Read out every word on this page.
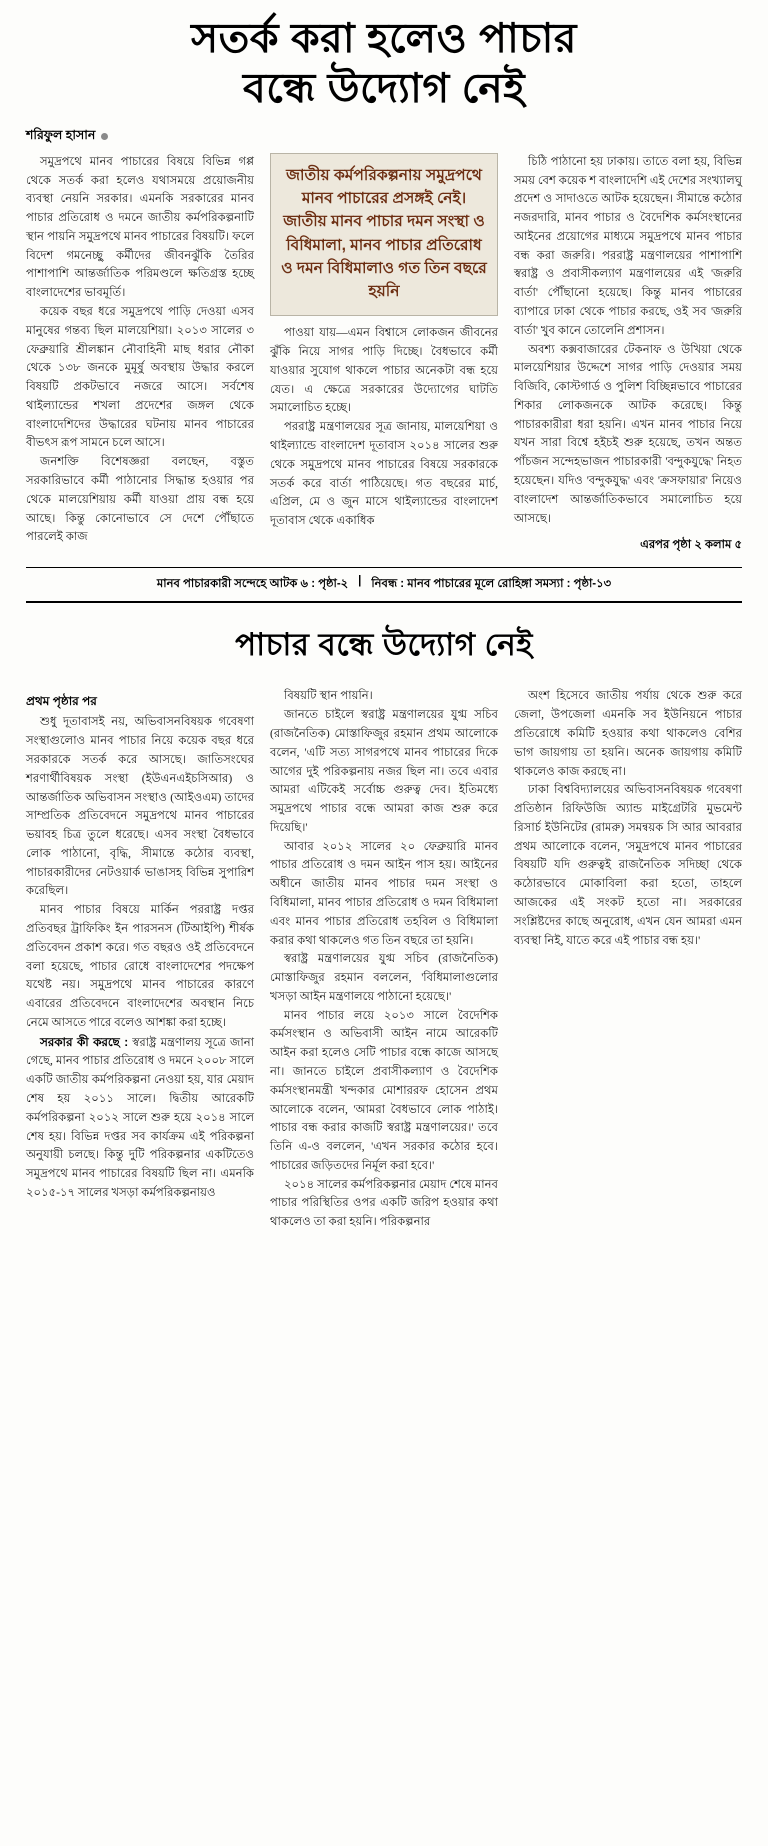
সতর্ক করা হলেও পাচার
বন্ধে উদ্যোগ নেই
শরিফুল হাসান

সমুদ্রপথে মানব পাচারের বিষয়ে বিভিন্ন গপ্প থেকে সতর্ক করা হলেও যথাসময়ে প্রয়োজনীয় ব্যবস্থা নেয়নি সরকার। এমনকি সরকারের মানব পাচার প্রতিরোধ ও দমনে জাতীয় কর্মপরিকল্পনাটি স্থান পায়নি সমুদ্রপথে মানব পাচারের বিষয়টি। ফলে বিদেশ গমনেচ্ছু কর্মীদের জীবনঝুঁকি তৈরির পাশাপাশি আন্তর্জাতিক পরিমণ্ডলে ক্ষতিগ্রস্ত হচ্ছে বাংলাদেশের ভাবমূর্তি।

কয়েক বছর ধরে সমুদ্রপথে পাড়ি দেওয়া এসব মানুষের গন্তব্য ছিল মালয়েশিয়া। ২০১৩ সালের ৩ ফেব্রুয়ারি শ্রীলঙ্কান নৌবাহিনী মাছ ধরার নৌকা থেকে ১৩৮ জনকে মুমূর্ষু অবস্থায় উদ্ধার করলে বিষয়টি প্রকটভাবে নজরে আসে। সর্বশেষ থাইল্যান্ডের শখলা প্রদেশের জঙ্গল থেকে বাংলাদেশিদের উদ্ধারের ঘটনায় মানব পাচারের বীভৎস রূপ সামনে চলে আসে।

জনশক্তি বিশেষজ্ঞরা বলছেন, বস্তুত সরকারিভাবে কর্মী পাঠানোর সিদ্ধান্ত হওয়ার পর থেকে মালয়েশিয়ায় কর্মী যাওয়া প্রায় বন্ধ হয়ে আছে। কিন্তু কোনোভাবে সে দেশে পৌঁছাতে পারলেই কাজ

জাতীয় কর্মপরিকল্পনায় সমুদ্রপথে মানব পাচারের প্রসঙ্গই নেই। জাতীয় মানব পাচার দমন সংস্থা ও বিধিমালা, মানব পাচার প্রতিরোধ ও দমন বিধিমালাও গত তিন বছরে হয়নি

পাওয়া যায়—এমন বিশ্বাসে লোকজন জীবনের ঝুঁকি নিয়ে সাগর পাড়ি দিচ্ছে। বৈধভাবে কর্মী যাওয়ার সুযোগ থাকলে পাচার অনেকটা বন্ধ হয়ে যেত। এ ক্ষেত্রে সরকারের উদ্যোগের ঘাটতি সমালোচিত হচ্ছে।

পররাষ্ট্র মন্ত্রণালয়ের সূত্র জানায়, মালয়েশিয়া ও থাইল্যান্ডে বাংলাদেশ দূতাবাস ২০১৪ সালের শুরু থেকে সমুদ্রপথে মানব পাচারের বিষয়ে সরকারকে সতর্ক করে বার্তা পাঠিয়েছে। গত বছরের মার্চ, এপ্রিল, মে ও জুন মাসে থাইল্যান্ডের বাংলাদেশ দূতাবাস থেকে একাধিক

চিঠি পাঠানো হয় ঢাকায়। তাতে বলা হয়, বিভিন্ন সময় বেশ কয়েক শ বাংলাদেশি এই দেশের সংখ্যালঘু প্রদেশ ও সাদাওতে আটক হয়েছেন। সীমান্তে কঠোর নজরদারি, মানব পাচার ও বৈদেশিক কর্মসংস্থানের আইনের প্রয়োগের মাধ্যমে সমুদ্রপথে মানব পাচার বন্ধ করা জরুরি। পররাষ্ট্র মন্ত্রণালয়ের পাশাপাশি স্বরাষ্ট্র ও প্রবাসীকল্যাণ মন্ত্রণালয়ের এই 'জরুরি বার্তা' পৌঁছানো হয়েছে। কিন্তু মানব পাচারের ব্যাপারে ঢাকা থেকে পাচার করছে, ওই সব 'জরুরি বার্তা' খুব কানে তোলেনি প্রশাসন।

অবশ্য কক্সবাজারের টেকনাফ ও উখিয়া থেকে মালয়েশিয়ার উদ্দেশে সাগর পাড়ি দেওয়ার সময় বিজিবি, কোস্টগার্ড ও পুলিশ বিচ্ছিন্নভাবে পাচারের শিকার লোকজনকে আটক করেছে। কিন্তু পাচারকারীরা ধরা হয়নি। এখন মানব পাচার নিয়ে যখন সারা বিশ্বে হইচই শুরু হয়েছে, তখন অন্তত পাঁচজন সন্দেহভাজন পাচারকারী 'বন্দুকযুদ্ধে' নিহত হয়েছেন। যদিও 'বন্দুকযুদ্ধ' এবং 'ক্রসফায়ার' নিয়েও বাংলাদেশ আন্তর্জাতিকভাবে সমালোচিত হয়ে আসছে।

এরপর পৃষ্ঠা ২ কলাম ৫
মানব পাচারকারী সন্দেহে আটক ৬ : পৃষ্ঠা-২ | নিবন্ধ : মানব পাচারের মূলে রোহিঙ্গা সমস্যা : পৃষ্ঠা-১৩
পাচার বন্ধে উদ্যোগ নেই
প্রথম পৃষ্ঠার পর

শুধু দূতাবাসই নয়, অভিবাসনবিষয়ক গবেষণা সংস্থাগুলোও মানব পাচার নিয়ে কয়েক বছর ধরে সরকারকে সতর্ক করে আসছে। জাতিসংঘের শরণার্থীবিষয়ক সংস্থা (ইউএনএইচসিআর) ও আন্তর্জাতিক অভিবাসন সংস্থাও (আইওএম) তাদের সাম্প্রতিক প্রতিবেদনে সমুদ্রপথে মানব পাচারের ভয়াবহ চিত্র তুলে ধরেছে। এসব সংস্থা বৈধভাবে লোক পাঠানো, বৃদ্ধি, সীমান্তে কঠোর ব্যবস্থা, পাচারকারীদের নেটওয়ার্ক ভাঙাসহ বিভিন্ন সুপারিশ করেছিল।

মানব পাচার বিষয়ে মার্কিন পররাষ্ট্র দপ্তর প্রতিবছর ট্রাফিকিং ইন পারসনস (টিআইপি) শীর্ষক প্রতিবেদন প্রকাশ করে। গত বছরও ওই প্রতিবেদনে বলা হয়েছে, পাচার রোধে বাংলাদেশের পদক্ষেপ যথেষ্ট নয়। সমুদ্রপথে মানব পাচারের কারণে এবারের প্রতিবেদনে বাংলাদেশের অবস্থান নিচে নেমে আসতে পারে বলেও আশঙ্কা করা হচ্ছে।

সরকার কী করছে : স্বরাষ্ট্র মন্ত্রণালয় সূত্রে জানা গেছে, মানব পাচার প্রতিরোধ ও দমনে ২০০৮ সালে একটি জাতীয় কর্মপরিকল্পনা নেওয়া হয়, যার মেয়াদ শেষ হয় ২০১১ সালে। দ্বিতীয় আরেকটি কর্মপরিকল্পনা ২০১২ সালে শুরু হয়ে ২০১৪ সালে শেষ হয়। বিভিন্ন দপ্তর সব কার্যক্রম এই পরিকল্পনা অনুযায়ী চলছে। কিন্তু দুটি পরিকল্পনার একটিতেও সমুদ্রপথে মানব পাচারের বিষয়টি ছিল না। এমনকি ২০১৫-১৭ সালের খসড়া কর্মপরিকল্পনায়ও

বিষয়টি স্থান পায়নি।

জানতে চাইলে স্বরাষ্ট্র মন্ত্রণালয়ের যুগ্ম সচিব (রাজনৈতিক) মোস্তাফিজুর রহমান প্রথম আলোকে বলেন, 'এটি সত্য সাগরপথে মানব পাচারের দিকে আগের দুই পরিকল্পনায় নজর ছিল না। তবে এবার আমরা এটিকেই সর্বোচ্চ গুরুত্ব দেব। ইতিমধ্যে সমুদ্রপথে পাচার বন্ধে আমরা কাজ শুরু করে দিয়েছি।'

আবার ২০১২ সালের ২০ ফেব্রুয়ারি মানব পাচার প্রতিরোধ ও দমন আইন পাস হয়। আইনের অধীনে জাতীয় মানব পাচার দমন সংস্থা ও বিধিমালা, মানব পাচার প্রতিরোধ ও দমন বিধিমালা এবং মানব পাচার প্রতিরোধ তহবিল ও বিধিমালা করার কথা থাকলেও গত তিন বছরে তা হয়নি।

স্বরাষ্ট্র মন্ত্রণালয়ের যুগ্ম সচিব (রাজনৈতিক) মোস্তাফিজুর রহমান বললেন, 'বিধিমালাগুলোর খসড়া আইন মন্ত্রণালয়ে পাঠানো হয়েছে।'

মানব পাচার লয়ে ২০১৩ সালে বৈদেশিক কর্মসংস্থান ও অভিবাসী আইন নামে আরেকটি আইন করা হলেও সেটি পাচার বন্ধে কাজে আসছে না। জানতে চাইলে প্রবাসীকল্যাণ ও বৈদেশিক কর্মসংস্থানমন্ত্রী খন্দকার মোশাররফ হোসেন প্রথম আলোকে বলেন, 'আমরা বৈধভাবে লোক পাঠাই। পাচার বন্ধ করার কাজটি স্বরাষ্ট্র মন্ত্রণালয়ের।' তবে তিনি এ-ও বললেন, 'এখন সরকার কঠোর হবে। পাচারের জড়িতদের নির্মূল করা হবে।'

২০১৪ সালের কর্মপরিকল্পনার মেয়াদ শেষে মানব পাচার পরিস্থিতির ওপর একটি জরিপ হওয়ার কথা থাকলেও তা করা হয়নি। পরিকল্পনার

অংশ হিসেবে জাতীয় পর্যায় থেকে শুরু করে জেলা, উপজেলা এমনকি সব ইউনিয়নে পাচার প্রতিরোধে কমিটি হওয়ার কথা থাকলেও বেশির ভাগ জায়গায় তা হয়নি। অনেক জায়গায় কমিটি থাকলেও কাজ করছে না।

ঢাকা বিশ্ববিদ্যালয়ের অভিবাসনবিষয়ক গবেষণা প্রতিষ্ঠান রিফিউজি অ্যান্ড মাইগ্রেটরি মুভমেন্ট রিসার্চ ইউনিটের (রামরু) সমন্বয়ক সি আর আবরার প্রথম আলোকে বলেন, 'সমুদ্রপথে মানব পাচারের বিষয়টি যদি গুরুত্বই রাজনৈতিক সদিচ্ছা থেকে কঠোরভাবে মোকাবিলা করা হতো, তাহলে আজকের এই সংকট হতো না। সরকারের সংশ্লিষ্টদের কাছে অনুরোধ, এখন যেন আমরা এমন ব্যবস্থা নিই, যাতে করে এই পাচার বন্ধ হয়।'
